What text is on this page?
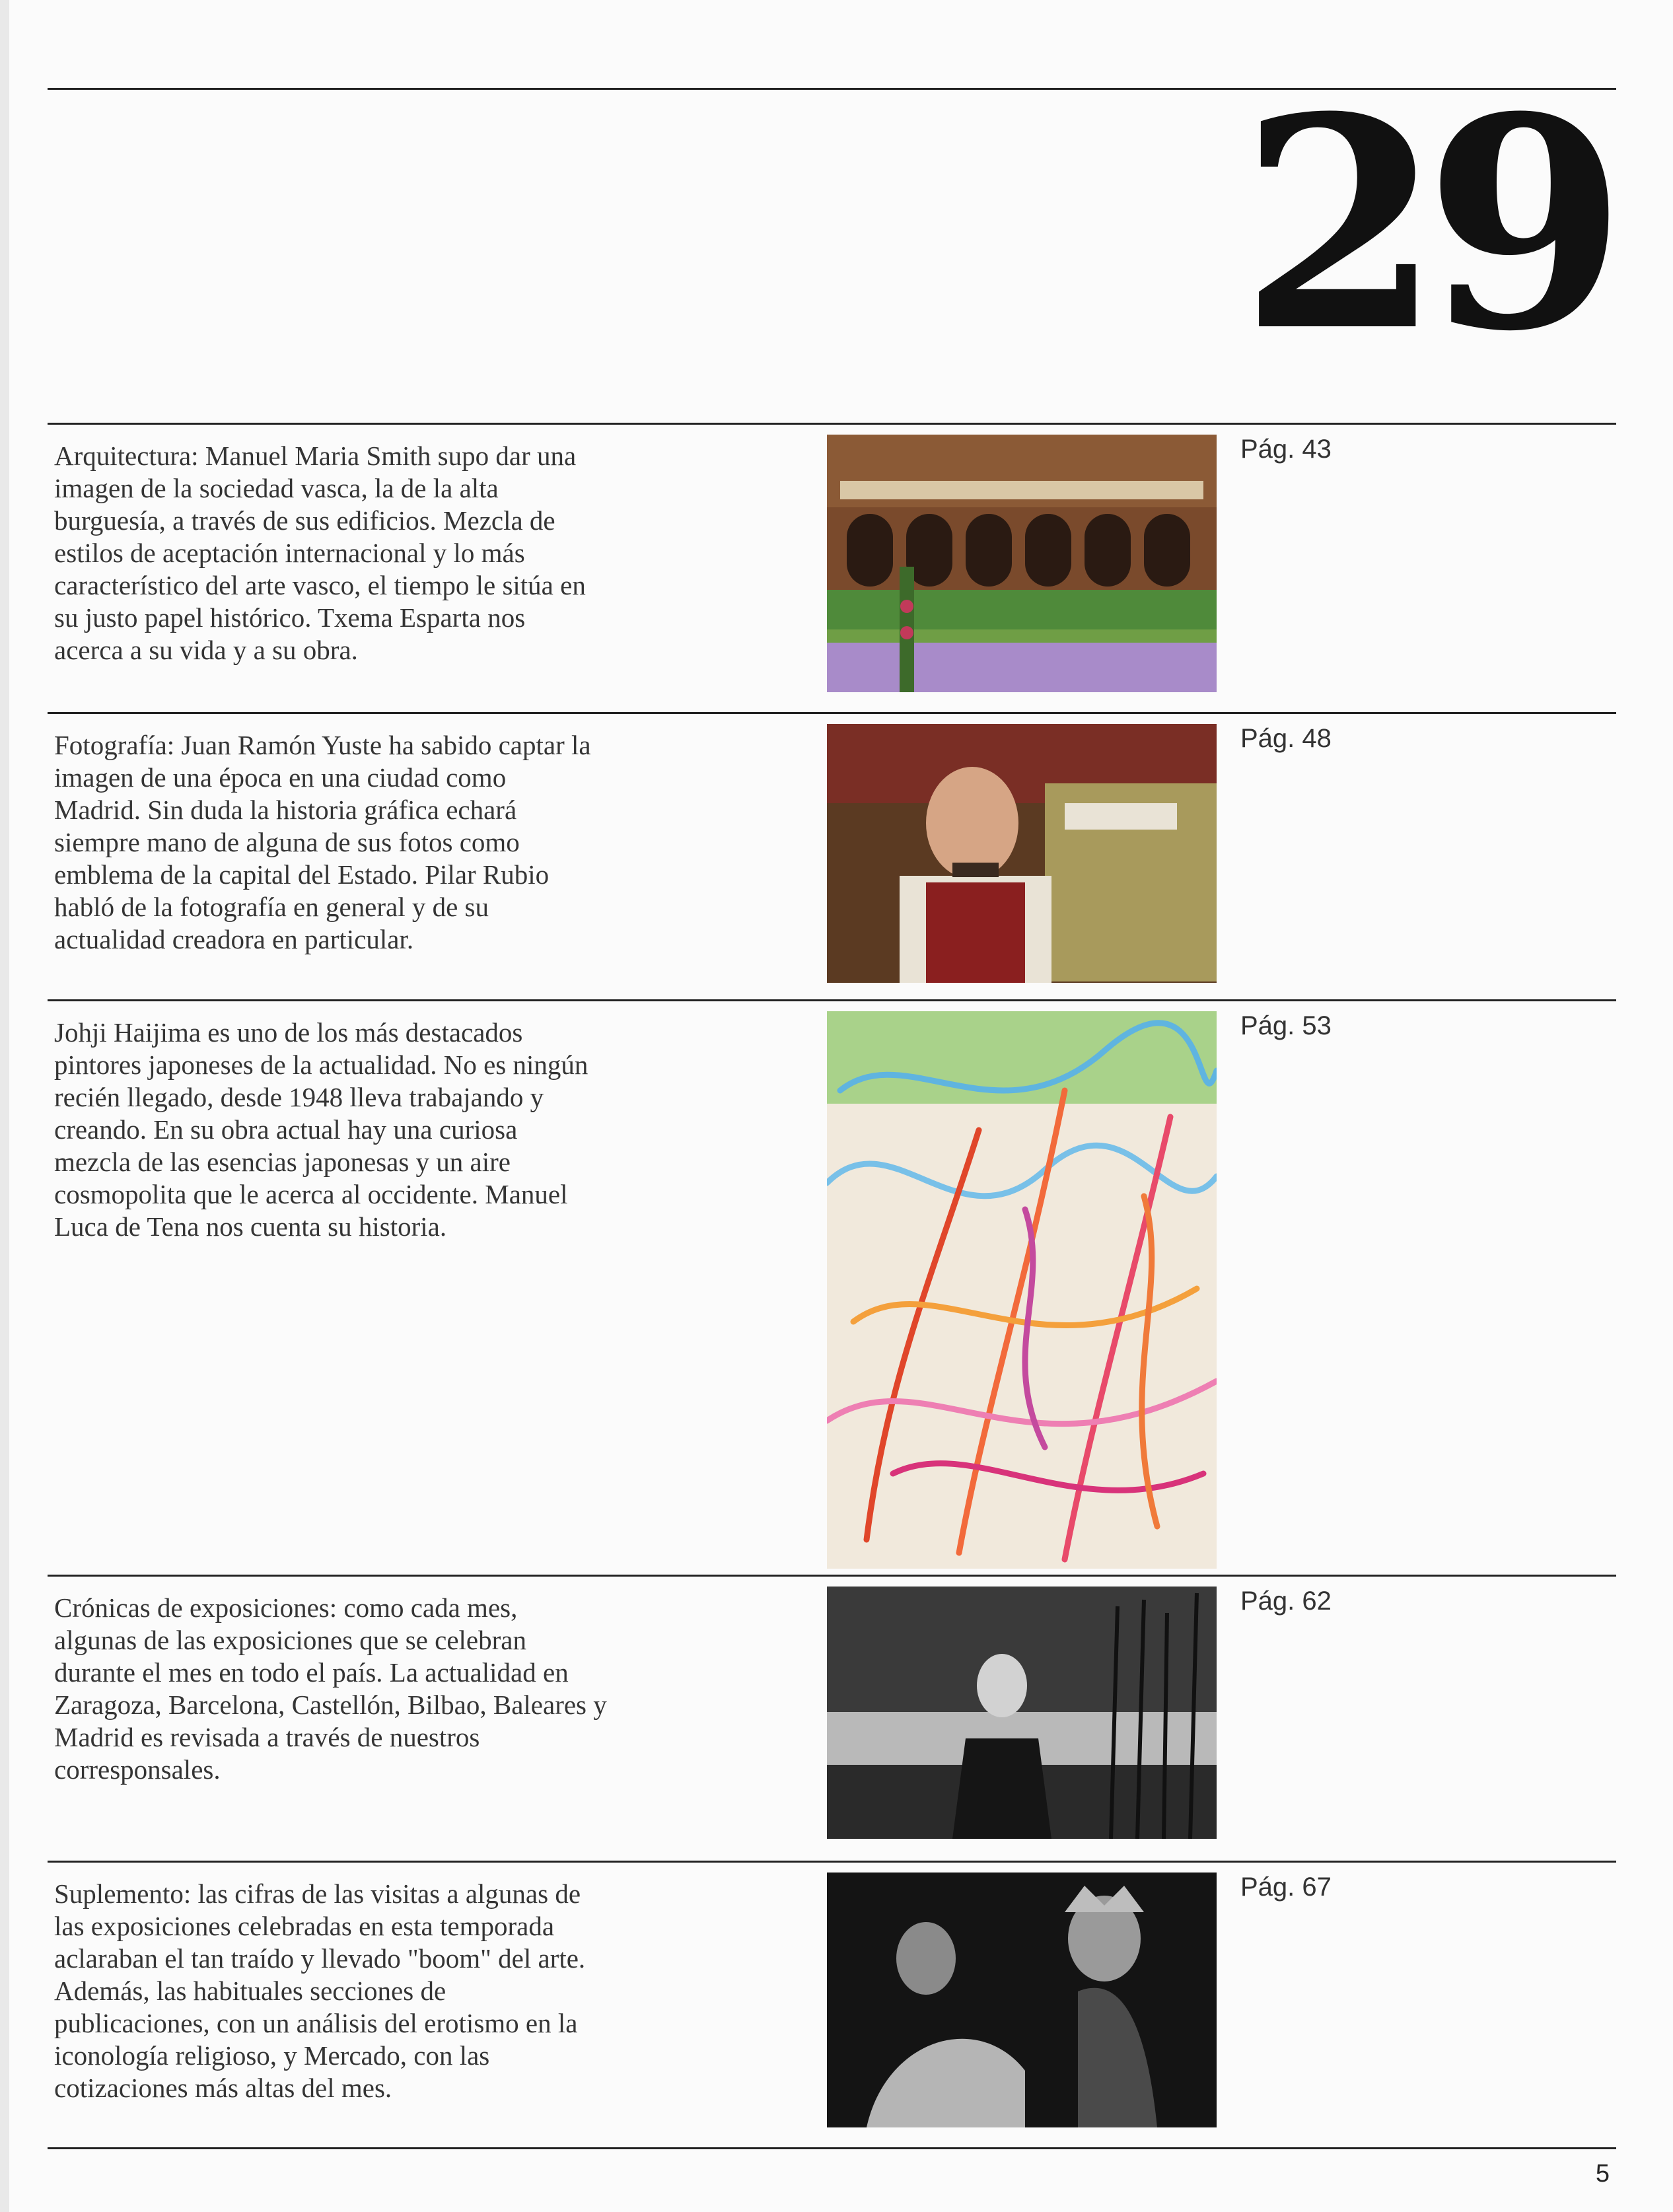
29
Arquitectura: Manuel Maria Smith supo dar una
imagen de la sociedad vasca, la de la alta
burguesía, a través de sus edificios. Mezcla de
estilos de aceptación internacional y lo más
característico del arte vasco, el tiempo le sitúa en
su justo papel histórico. Txema Esparta nos
acerca a su vida y a su obra.
Pág. 43
Fotografía: Juan Ramón Yuste ha sabido captar la
imagen de una época en una ciudad como
Madrid. Sin duda la historia gráfica echará
siempre mano de alguna de sus fotos como
emblema de la capital del Estado. Pilar Rubio
habló de la fotografía en general y de su
actualidad creadora en particular.
Pág. 48
Johji Haijima es uno de los más destacados
pintores japoneses de la actualidad. No es ningún
recién llegado, desde 1948 lleva trabajando y
creando. En su obra actual hay una curiosa
mezcla de las esencias japonesas y un aire
cosmopolita que le acerca al occidente. Manuel
Luca de Tena nos cuenta su historia.
Pág. 53
Crónicas de exposiciones: como cada mes,
algunas de las exposiciones que se celebran
durante el mes en todo el país. La actualidad en
Zaragoza, Barcelona, Castellón, Bilbao, Baleares y
Madrid es revisada a través de nuestros
corresponsales.
Pág. 62
Suplemento: las cifras de las visitas a algunas de
las exposiciones celebradas en esta temporada
aclaraban el tan traído y llevado "boom" del arte.
Además, las habituales secciones de
publicaciones, con un análisis del erotismo en la
iconología religioso, y Mercado, con las
cotizaciones más altas del mes.
Pág. 67
5
